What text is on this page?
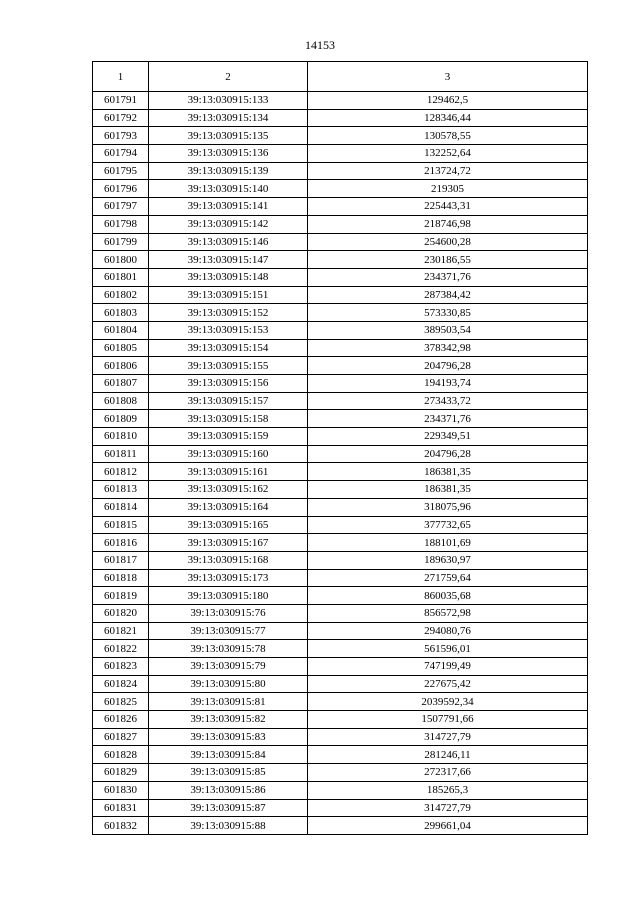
14153
1	2	3
601791	39:13:030915:133	129462,5
601792	39:13:030915:134	128346,44
601793	39:13:030915:135	130578,55
601794	39:13:030915:136	132252,64
601795	39:13:030915:139	213724,72
601796	39:13:030915:140	219305
601797	39:13:030915:141	225443,31
601798	39:13:030915:142	218746,98
601799	39:13:030915:146	254600,28
601800	39:13:030915:147	230186,55
601801	39:13:030915:148	234371,76
601802	39:13:030915:151	287384,42
601803	39:13:030915:152	573330,85
601804	39:13:030915:153	389503,54
601805	39:13:030915:154	378342,98
601806	39:13:030915:155	204796,28
601807	39:13:030915:156	194193,74
601808	39:13:030915:157	273433,72
601809	39:13:030915:158	234371,76
601810	39:13:030915:159	229349,51
601811	39:13:030915:160	204796,28
601812	39:13:030915:161	186381,35
601813	39:13:030915:162	186381,35
601814	39:13:030915:164	318075,96
601815	39:13:030915:165	377732,65
601816	39:13:030915:167	188101,69
601817	39:13:030915:168	189630,97
601818	39:13:030915:173	271759,64
601819	39:13:030915:180	860035,68
601820	39:13:030915:76	856572,98
601821	39:13:030915:77	294080,76
601822	39:13:030915:78	561596,01
601823	39:13:030915:79	747199,49
601824	39:13:030915:80	227675,42
601825	39:13:030915:81	2039592,34
601826	39:13:030915:82	1507791,66
601827	39:13:030915:83	314727,79
601828	39:13:030915:84	281246,11
601829	39:13:030915:85	272317,66
601830	39:13:030915:86	185265,3
601831	39:13:030915:87	314727,79
601832	39:13:030915:88	299661,04
